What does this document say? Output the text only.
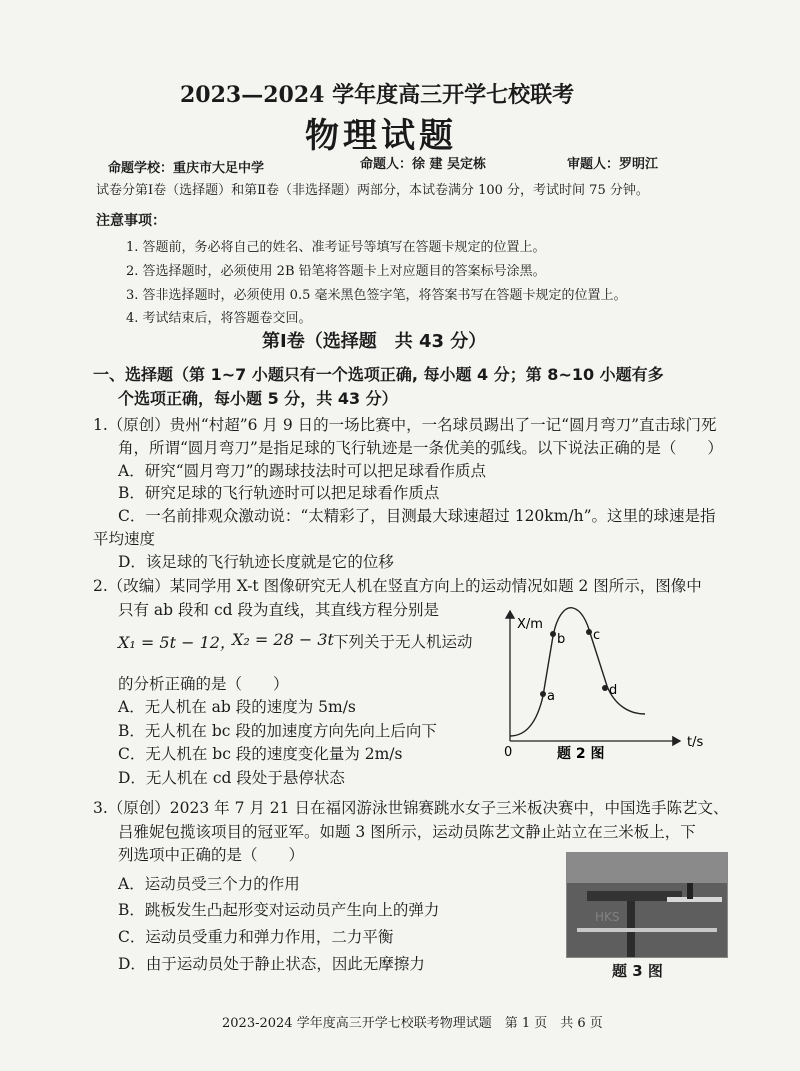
2023—2024 学年度高三开学七校联考
物理试题
命题学校：重庆市大足中学	命题人：徐 建 吴定栋	审题人：罗明江
试卷分第Ⅰ卷（选择题）和第Ⅱ卷（非选择题）两部分，本试卷满分 100 分，考试时间 75 分钟。
注意事项：
1. 答题前，务必将自己的姓名、准考证号等填写在答题卡规定的位置上。
2. 答选择题时，必须使用 2B 铅笔将答题卡上对应题目的答案标号涂黑。
3. 答非选择题时，必须使用 0.5 毫米黑色签字笔，将答案书写在答题卡规定的位置上。
4. 考试结束后，将答题卷交回。
第Ⅰ卷（选择题　共 43 分）
一、选择题（第 1~7 小题只有一个选项正确, 每小题 4 分；第 8~10 小题有多
个选项正确，每小题 5 分，共 43 分）
1.（原创）贵州“村超”6 月 9 日的一场比赛中，一名球员踢出了一记“圆月弯刀”直击球门死
角，所谓“圆月弯刀”是指足球的飞行轨迹是一条优美的弧线。以下说法正确的是（　　）
A．研究“圆月弯刀”的踢球技法时可以把足球看作质点
B．研究足球的飞行轨迹时可以把足球看作质点
C．一名前排观众激动说：“太精彩了，目测最大球速超过 120km/h”。这里的球速是指
平均速度
D．该足球的飞行轨迹长度就是它的位移
2.（改编）某同学用 X-t 图像研究无人机在竖直方向上的运动情况如题 2 图所示，图像中
只有 ab 段和 cd 段为直线，其直线方程分别是
X₁ = 5t − 12，
X₂ = 28 − 3t 下列关于无人机运动
的分析正确的是（　　）
A．无人机在 ab 段的速度为 5m/s
B．无人机在 bc 段的加速度方向先向上后向下
C．无人机在 bc 段的速度变化量为 2m/s
D．无人机在 cd 段处于悬停状态
X/m
a
b c
d
0
t/s
题 2 图
3.（原创）2023 年 7 月 21 日在福冈游泳世锦赛跳水女子三米板决赛中，中国选手陈艺文、
吕雅妮包揽该项目的冠亚军。如题 3 图所示，运动员陈艺文静止站立在三米板上，下
列选项中正确的是（　　）
A．运动员受三个力的作用
B．跳板发生凸起形变对运动员产生向上的弹力
C．运动员受重力和弹力作用，二力平衡
D．由于运动员处于静止状态，因此无摩擦力
HKS
题 3 图
2023-2024 学年度高三开学七校联考物理试题　第 1 页　共 6 页
